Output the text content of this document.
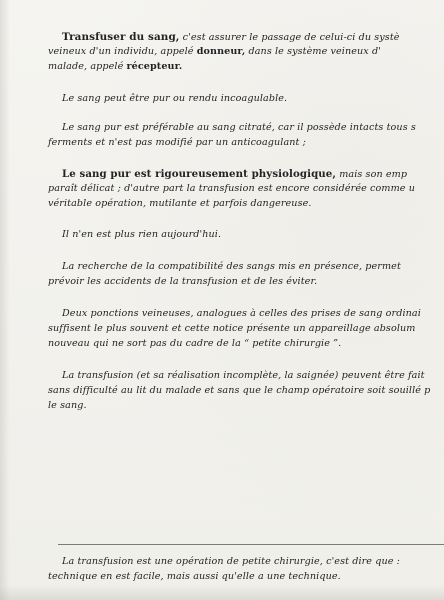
Transfuser du sang, c'est assurer le passage de celui-ci du systè
veineux d'un individu, appelé donneur, dans le système veineux d'
malade, appelé récepteur.
Le sang peut être pur ou rendu incoagulable.
Le sang pur est préférable au sang citraté, car il possède intacts tous s
ferments et n'est pas modifié par un anticoagulant ;
Le sang pur est rigoureusement physiologique, mais son emp
paraît délicat ; d'autre part la transfusion est encore considérée comme u
véritable opération, mutilante et parfois dangereuse.
Il n'en est plus rien aujourd'hui.
La recherche de la compatibilité des sangs mis en présence, permet
prévoir les accidents de la transfusion et de les éviter.
Deux ponctions veineuses, analogues à celles des prises de sang ordinai
suffisent le plus souvent et cette notice présente un appareillage absolum
nouveau qui ne sort pas du cadre de la “ petite chirurgie ”.
La transfusion (et sa réalisation incomplète, la saignée) peuvent être fait
sans difficulté au lit du malade et sans que le champ opératoire soit souillé p
le sang.
La transfusion est une opération de petite chirurgie, c'est dire que :
technique en est facile, mais aussi qu'elle a une technique.
